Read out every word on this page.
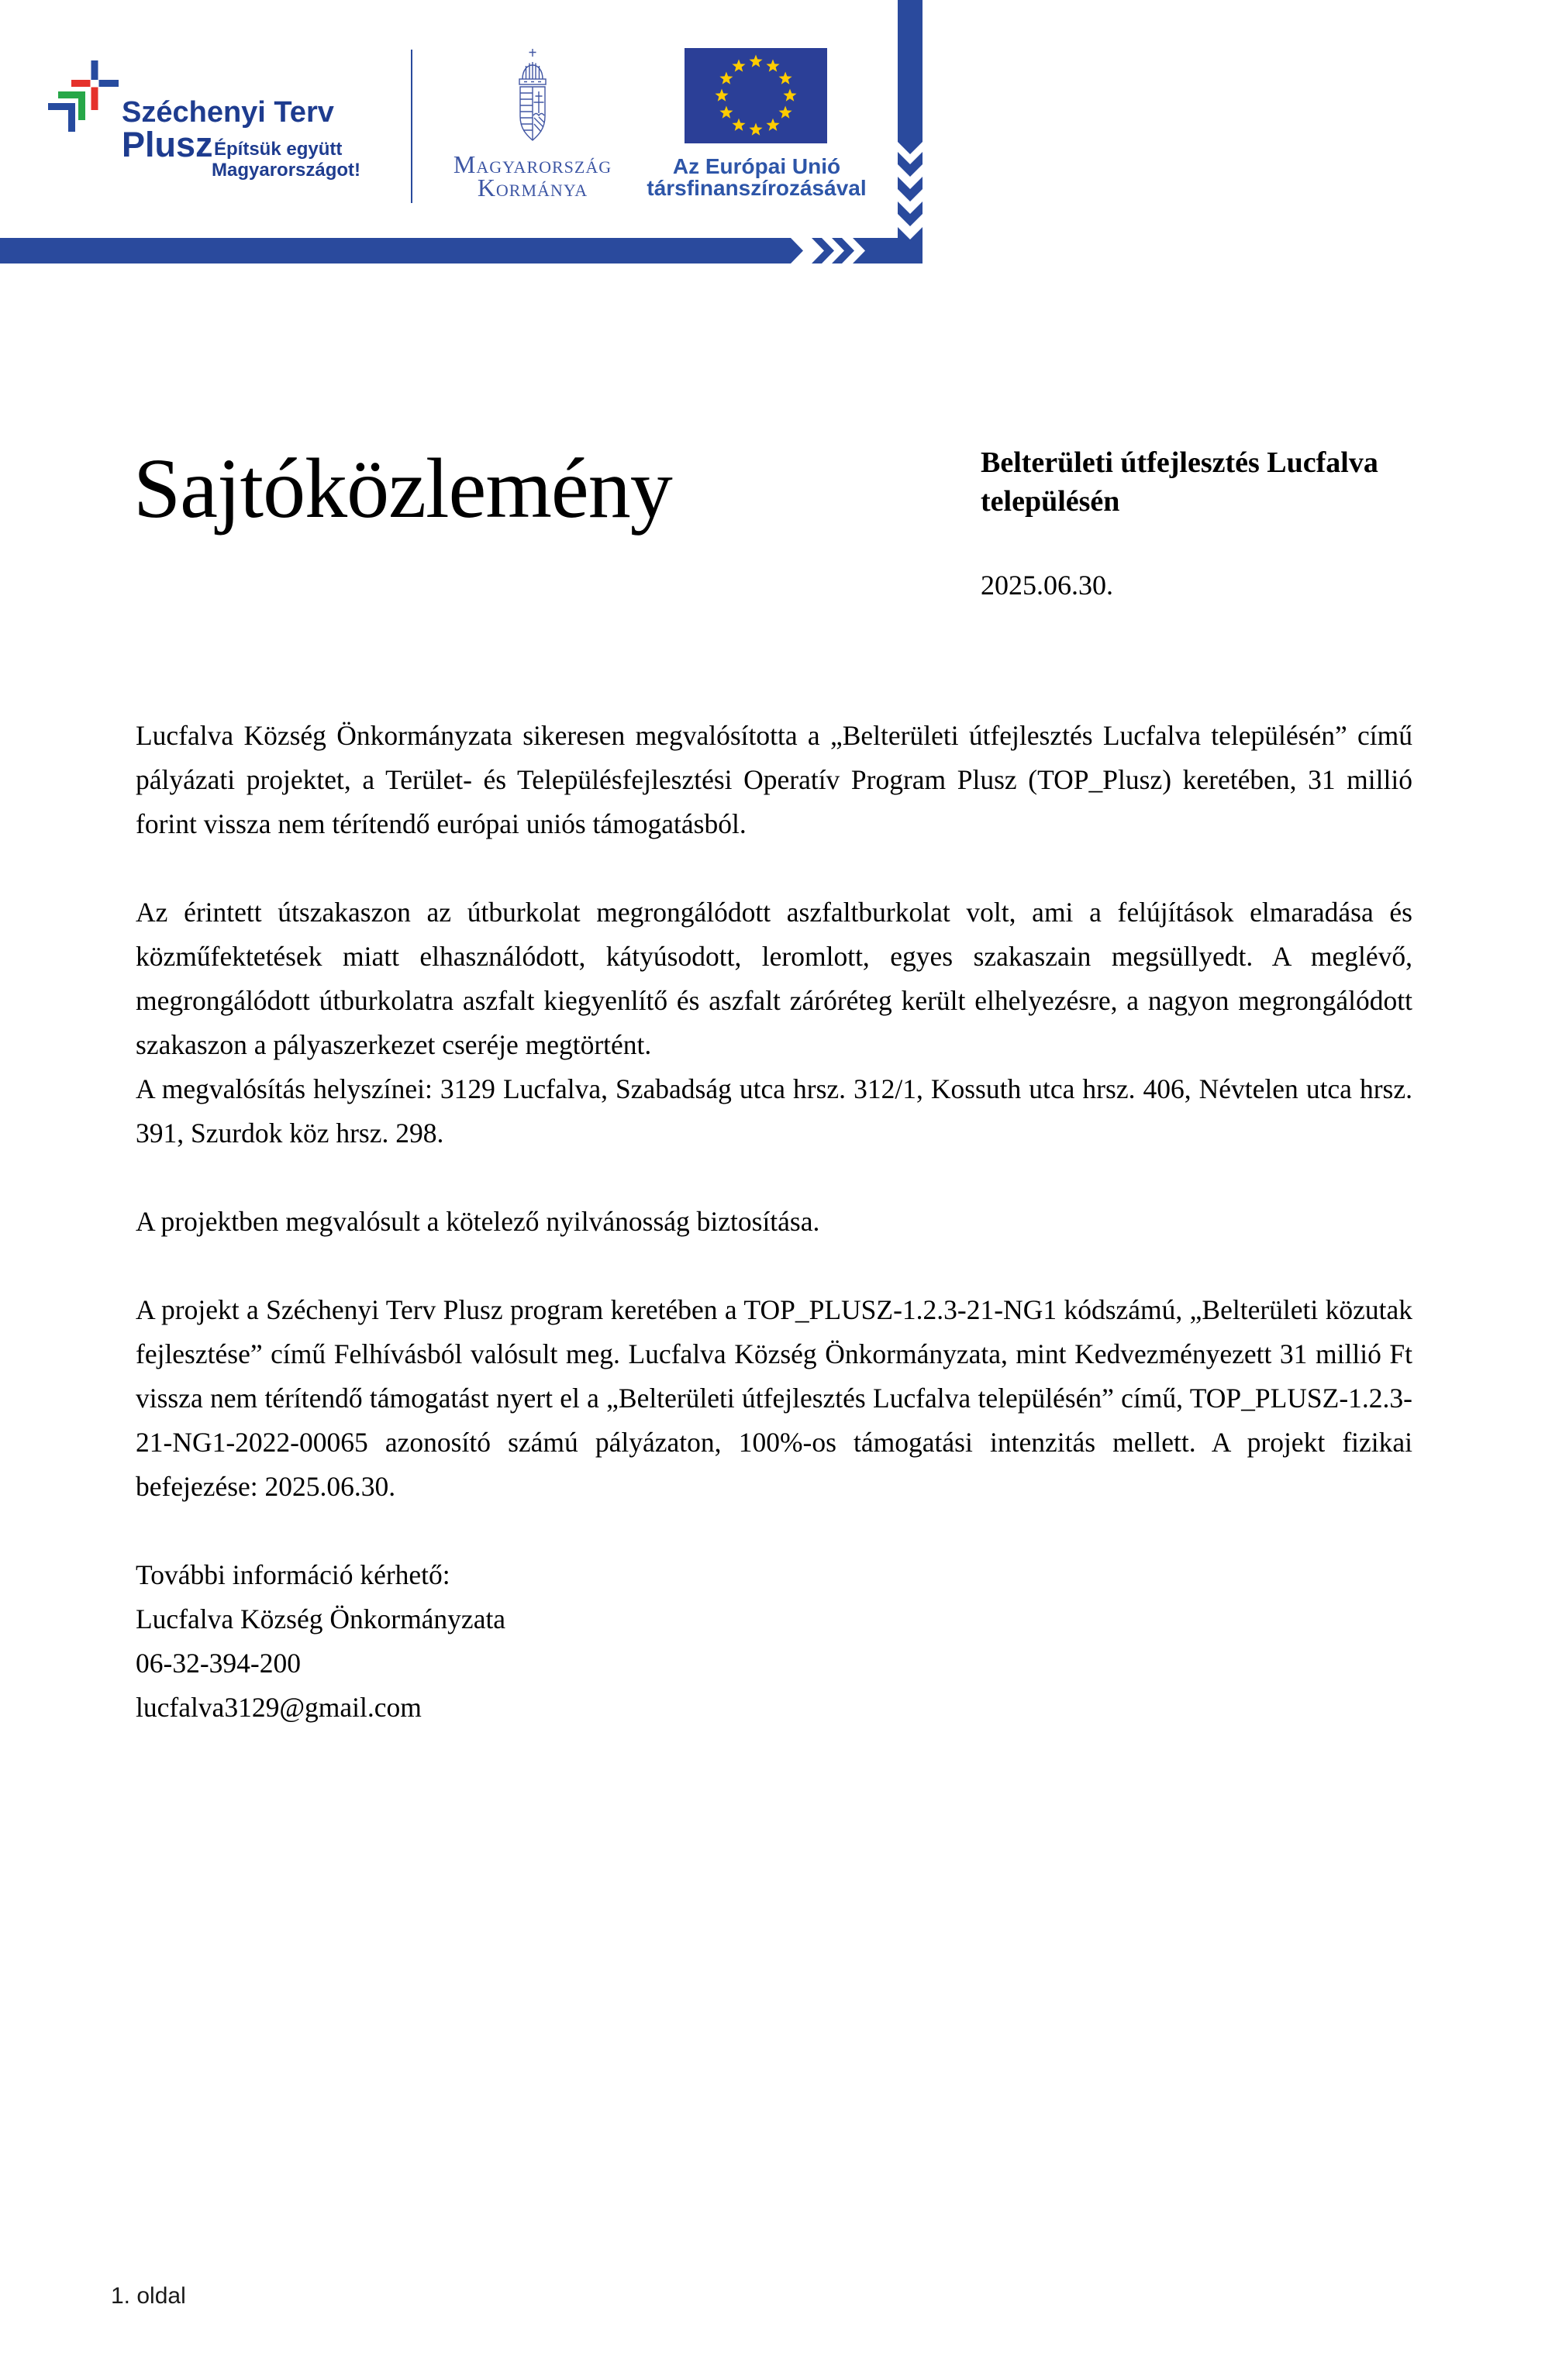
Széchenyi Terv
Plusz Építsük együtt
Magyarországot!	Magyarország
Kormánya
Az Európai Unió
társfinanszírozásával
Sajtóközlemény	Belterületi útfejlesztés Lucfalva
településén
2025.06.30.

Lucfalva Község Önkormányzata sikeresen megvalósította a „Belterületi útfejlesztés Lucfalva településén” című pályázati projektet, a Terület- és Településfejlesztési Operatív Program Plusz (TOP_Plusz) keretében, 31 millió forint vissza nem térítendő európai uniós támogatásból.

Az érintett útszakaszon az útburkolat megrongálódott aszfaltburkolat volt, ami a felújítások elmaradása és közműfektetések miatt elhasználódott, kátyúsodott, leromlott, egyes szakaszain megsüllyedt. A meglévő, megrongálódott útburkolatra aszfalt kiegyenlítő és aszfalt záróréteg került elhelyezésre, a nagyon megrongálódott szakaszon a pályaszerkezet cseréje megtörtént.

A megvalósítás helyszínei: 3129 Lucfalva, Szabadság utca hrsz. 312/1, Kossuth utca hrsz. 406, Névtelen utca hrsz. 391, Szurdok köz hrsz. 298.

A projektben megvalósult a kötelező nyilvánosság biztosítása.

A projekt a Széchenyi Terv Plusz program keretében a TOP_PLUSZ-1.2.3-21-NG1 kódszámú, „Belterületi közutak fejlesztése” című Felhívásból valósult meg. Lucfalva Község Önkormányzata, mint Kedvezményezett 31 millió Ft vissza nem térítendő támogatást nyert el a „Belterületi útfejlesztés Lucfalva településén” című, TOP_PLUSZ-1.2.3-21-NG1-2022-00065 azonosító számú pályázaton, 100%-os támogatási intenzitás mellett. A projekt fizikai befejezése: 2025.06.30.

További információ kérhető:

Lucfalva Község Önkormányzata

06-32-394-200

lucfalva3129@gmail.com

1. oldal
